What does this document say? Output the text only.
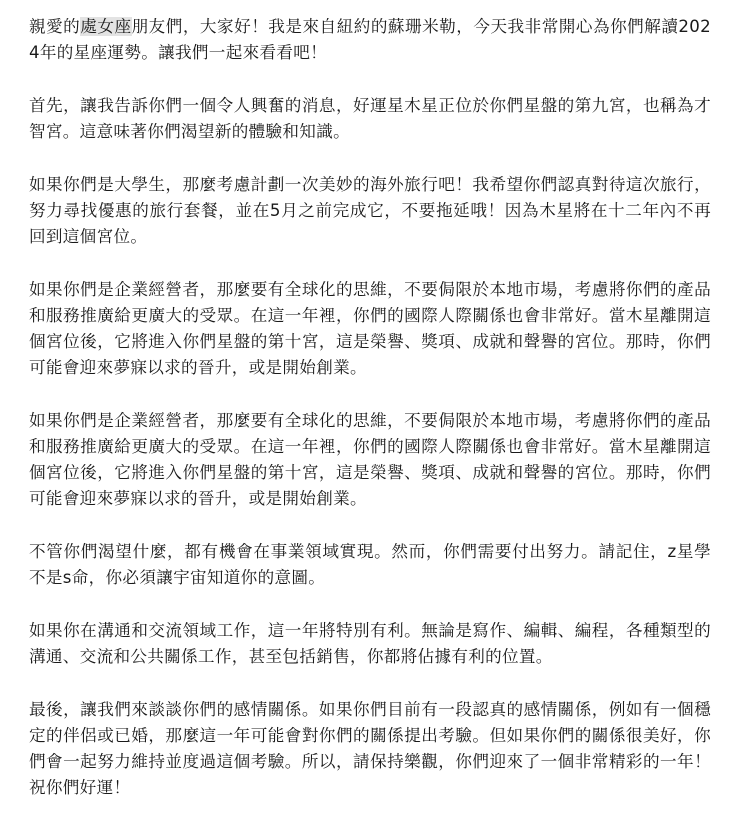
親愛的處女座朋友們，大家好！我是來自紐約的蘇珊米勒，今天我非常開心為你們解讀2024年的星座運勢。讓我們一起來看看吧！

首先，讓我告訴你們一個令人興奮的消息，好運星木星正位於你們星盤的第九宮，也稱為才智宮。這意味著你們渴望新的體驗和知識。

如果你們是大學生，那麼考慮計劃一次美妙的海外旅行吧！我希望你們認真對待這次旅行，努力尋找優惠的旅行套餐，並在5月之前完成它，不要拖延哦！因為木星將在十二年內不再回到這個宮位。

如果你們是企業經營者，那麼要有全球化的思維，不要侷限於本地市場，考慮將你們的產品和服務推廣給更廣大的受眾。在這一年裡，你們的國際人際關係也會非常好。當木星離開這個宮位後，它將進入你們星盤的第十宮，這是榮譽、獎項、成就和聲譽的宮位。那時，你們可能會迎來夢寐以求的晉升，或是開始創業。

如果你們是企業經營者，那麼要有全球化的思維，不要侷限於本地市場，考慮將你們的產品和服務推廣給更廣大的受眾。在這一年裡，你們的國際人際關係也會非常好。當木星離開這個宮位後，它將進入你們星盤的第十宮，這是榮譽、獎項、成就和聲譽的宮位。那時，你們可能會迎來夢寐以求的晉升，或是開始創業。

不管你們渴望什麼，都有機會在事業領域實現。然而，你們需要付出努力。請記住，z星學不是s命，你必須讓宇宙知道你的意圖。

如果你在溝通和交流領域工作，這一年將特別有利。無論是寫作、編輯、編程，各種類型的溝通、交流和公共關係工作，甚至包括銷售，你都將佔據有利的位置。

最後，讓我們來談談你們的感情關係。如果你們目前有一段認真的感情關係，例如有一個穩定的伴侶或已婚，那麼這一年可能會對你們的關係提出考驗。但如果你們的關係很美好，你們會一起努力維持並度過這個考驗。所以，請保持樂觀，你們迎來了一個非常精彩的一年！祝你們好運！
